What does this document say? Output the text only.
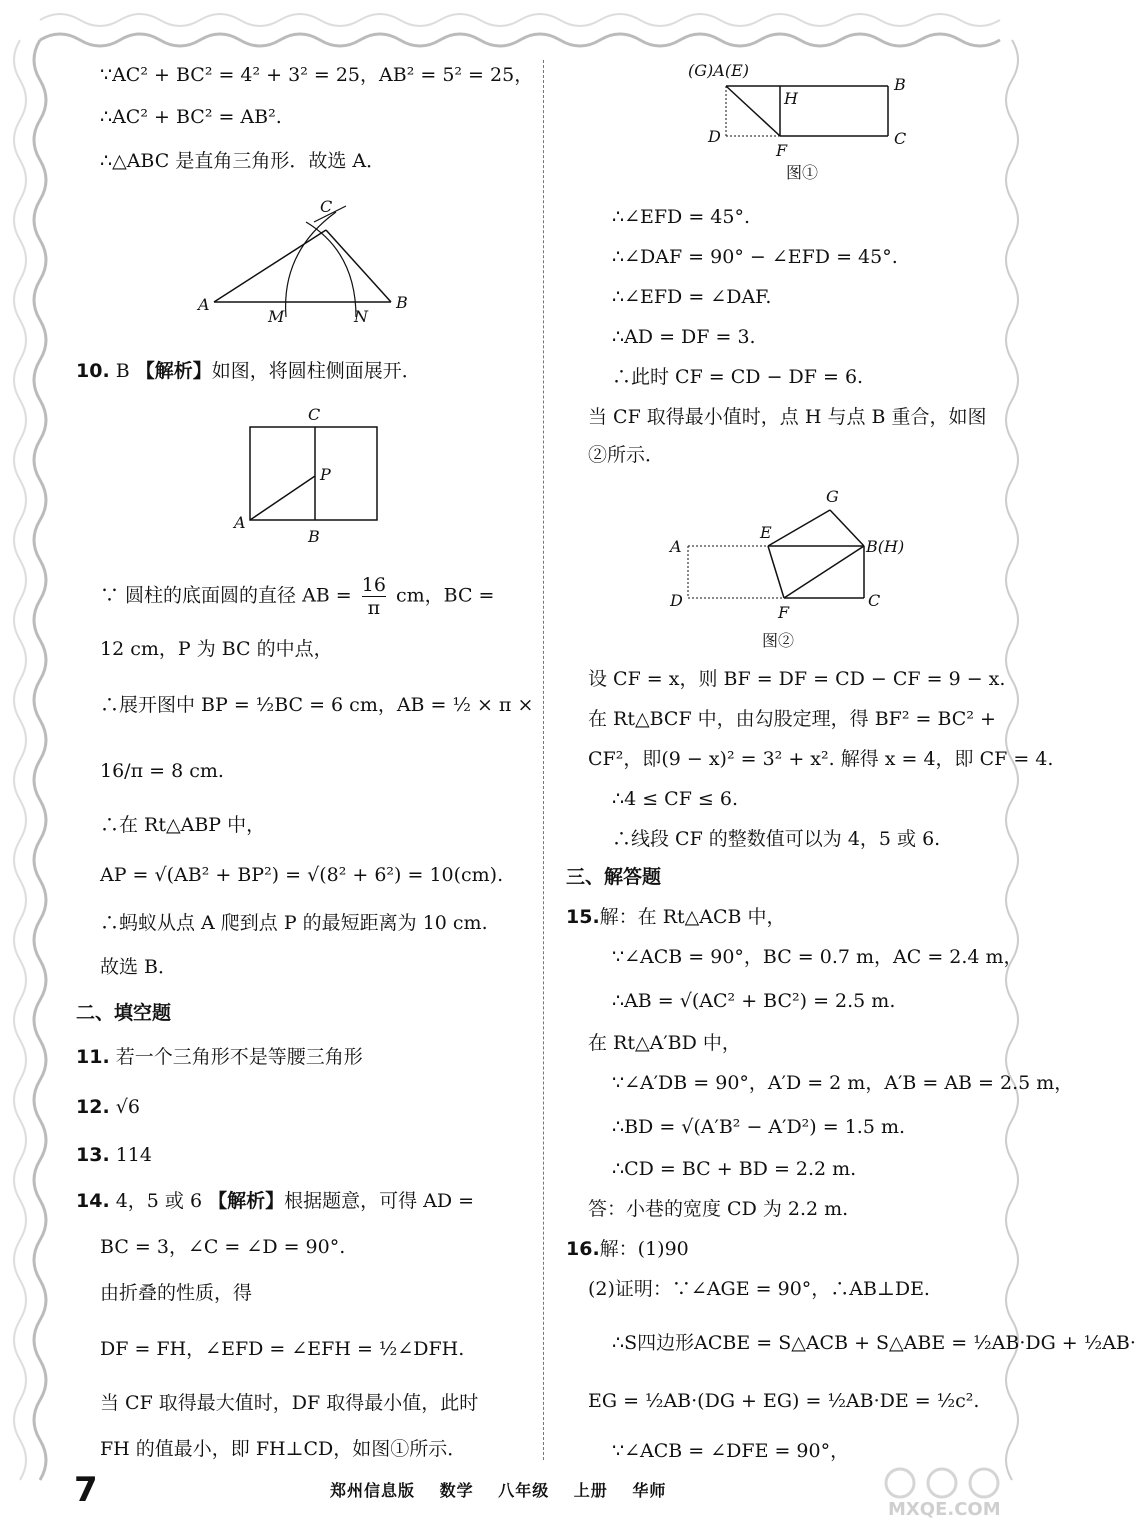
∵AC² + BC² = 4² + 3² = 25，AB² = 5² = 25，
∴AC² + BC² = AB².
∴△ABC 是直角三角形．故选 A．
A	B
C
M	N
10. B 【解析】如图，将圆柱侧面展开．
C
P
A
B
∵ 圆柱的底面圆的直径 AB = $\frac{16}{\pi}$ cm，BC =
12 cm，P 为 BC 的中点，
∴展开图中 BP = ½BC = 6 cm，AB = ½ × π ×
16/π = 8 cm.
∴在 Rt△ABP 中，
AP = √(AB² + BP²) = √(8² + 6²) = 10(cm).
∴蚂蚁从点 A 爬到点 P 的最短距离为 10 cm.
故选 B．
二、填空题
11. 若一个三角形不是等腰三角形
12. √6
13. 114
14. 4，5 或 6 【解析】根据题意，可得 AD =
BC = 3，∠C = ∠D = 90°.
由折叠的性质，得
DF = FH，∠EFD = ∠EFH = ½∠DFH.
当 CF 取得最大值时，DF 取得最小值，此时
FH 的值最小，即 FH⊥CD，如图①所示．
(G)A(E)
H
B
D
F
C
图①
∴∠EFD = 45°.
∴∠DAF = 90° − ∠EFD = 45°.
∴∠EFD = ∠DAF.
∴AD = DF = 3.
∴此时 CF = CD − DF = 6.
当 CF 取得最小值时，点 H 与点 B 重合，如图
②所示．
A
E
G
B(H)
D
F
C
图②
设 CF = x，则 BF = DF = CD − CF = 9 − x.
在 Rt△BCF 中，由勾股定理，得 BF² = BC² +
CF²，即(9 − x)² = 3² + x². 解得 x = 4，即 CF = 4.
∴4 ≤ CF ≤ 6.
∴线段 CF 的整数值可以为 4，5 或 6.
三、解答题
15.解：在 Rt△ACB 中，
∵∠ACB = 90°，BC = 0.7 m，AC = 2.4 m，
∴AB = √(AC² + BC²) = 2.5 m.
在 Rt△A′BD 中，
∵∠A′DB = 90°，A′D = 2 m，A′B = AB = 2.5 m，
∴BD = √(A′B² − A′D²) = 1.5 m.
∴CD = BC + BD = 2.2 m.
答：小巷的宽度 CD 为 2.2 m.
16.解：(1)90
(2)证明：∵∠AGE = 90°，∴AB⊥DE.
∴S四边形ACBE = S△ACB + S△ABE = ½AB·DG + ½AB·
EG = ½AB·(DG + EG) = ½AB·DE = ½c².
∵∠ACB = ∠DFE = 90°，
7	郑州信息版 数学 八年级 上册 华师
MXQE.COM
